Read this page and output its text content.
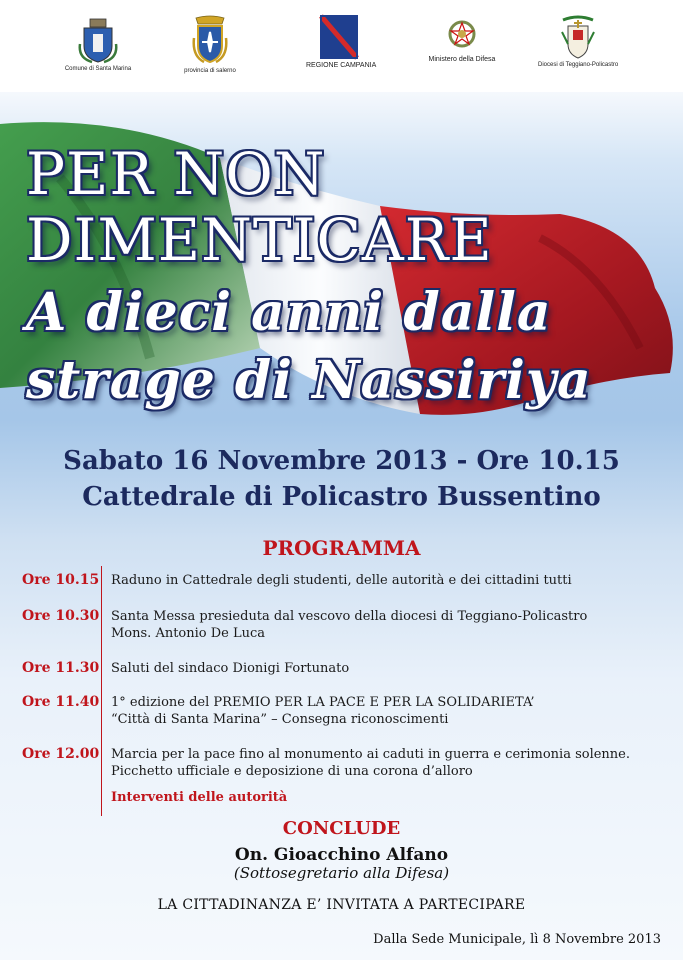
Comune di Santa Marina	provincia di salerno
REGIONE CAMPANIA
Ministero della Difesa
Diocesi di Teggiano-Policastro
PER NON
DIMENTICARE
A dieci anni dalla
strage di Nassiriya
Sabato 16 Novembre 2013 - Ore 10.15
Cattedrale di Policastro Bussentino
PROGRAMMA
Ore 10.15 Raduno in Cattedrale degli studenti, delle autorità e dei cittadini tutti
Ore 10.30 Santa Messa presieduta dal vescovo della diocesi di Teggiano-Policastro
Mons. Antonio De Luca
Ore 11.30 Saluti del sindaco Dionigi Fortunato
Ore 11.40 1° edizione del PREMIO PER LA PACE E PER LA SOLIDARIETA’
“Città di Santa Marina” – Consegna riconoscimenti
Ore 12.00 Marcia per la pace fino al monumento ai caduti in guerra e cerimonia solenne.
Picchetto ufficiale e deposizione di una corona d’alloro
Interventi delle autorità
CONCLUDE
On. Gioacchino Alfano
(Sottosegretario alla Difesa)
LA CITTADINANZA E’ INVITATA A PARTECIPARE
Dalla Sede Municipale, lì 8 Novembre 2013
